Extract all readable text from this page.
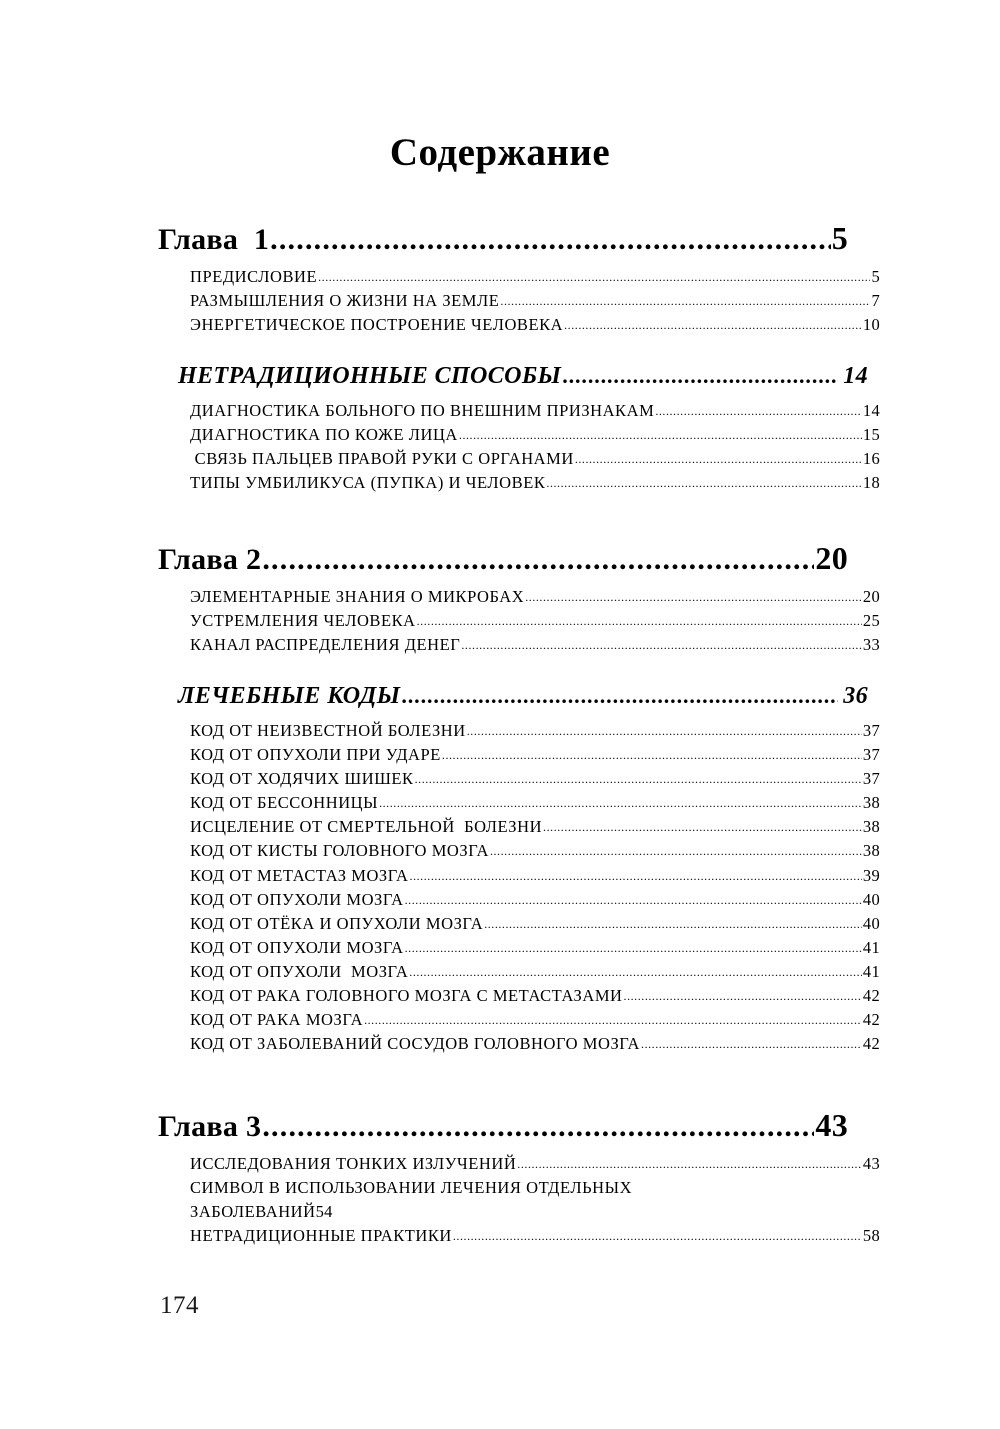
Содержание
Глава  1 .....	5
ПРЕДИСЛОВИЕ .....	5
РАЗМЫШЛЕНИЯ О ЖИЗНИ НА ЗЕМЛЕ .....	7
ЭНЕРГЕТИЧЕСКОЕ ПОСТРОЕНИЕ ЧЕЛОВЕКА .....	10
НЕТРАДИЦИОННЫЕ СПОСОБЫ .....	14
ДИАГНОСТИКА БОЛЬНОГО ПО ВНЕШНИМ ПРИЗНАКАМ .....	14
ДИАГНОСТИКА ПО КОЖЕ ЛИЦА .....	15
СВЯЗЬ ПАЛЬЦЕВ ПРАВОЙ РУКИ С ОРГАНАМИ .....	16
ТИПЫ УМБИЛИКУСА (ПУПКА) И ЧЕЛОВЕК .....	18
Глава 2 .....	20
ЭЛЕМЕНТАРНЫЕ ЗНАНИЯ О МИКРОБАХ .....	20
УСТРЕМЛЕНИЯ ЧЕЛОВЕКА .....	25
КАНАЛ РАСПРЕДЕЛЕНИЯ ДЕНЕГ .....	33
ЛЕЧЕБНЫЕ КОДЫ .....	36
КОД ОТ НЕИЗВЕСТНОЙ БОЛЕЗНИ .....	37
КОД ОТ ОПУХОЛИ ПРИ УДАРЕ .....	37
КОД ОТ ХОДЯЧИХ ШИШЕК .....	37
КОД ОТ БЕССОННИЦЫ .....	38
ИСЦЕЛЕНИЕ ОТ СМЕРТЕЛЬНОЙ  БОЛЕЗНИ .....	38
КОД ОТ КИСТЫ ГОЛОВНОГО МОЗГА .....	38
КОД ОТ МЕТАСТАЗ МОЗГА .....	39
КОД ОТ ОПУХОЛИ МОЗГА .....	40
КОД ОТ ОТЁКА И ОПУХОЛИ МОЗГА .....	40
КОД ОТ ОПУХОЛИ МОЗГА .....	41
КОД ОТ ОПУХОЛИ  МОЗГА .....	41
КОД ОТ РАКА ГОЛОВНОГО МОЗГА С МЕТАСТАЗАМИ .....	42
КОД ОТ РАКА МОЗГА .....	42
КОД ОТ ЗАБОЛЕВАНИЙ СОСУДОВ ГОЛОВНОГО МОЗГА .....	42
Глава 3 .....	43
ИССЛЕДОВАНИЯ ТОНКИХ ИЗЛУЧЕНИЙ .....	43
СИМВОЛ В ИСПОЛЬЗОВАНИИ ЛЕЧЕНИЯ ОТДЕЛЬНЫХ
ЗАБОЛЕВАНИЙ 54
НЕТРАДИЦИОННЫЕ ПРАКТИКИ .....	58
174
